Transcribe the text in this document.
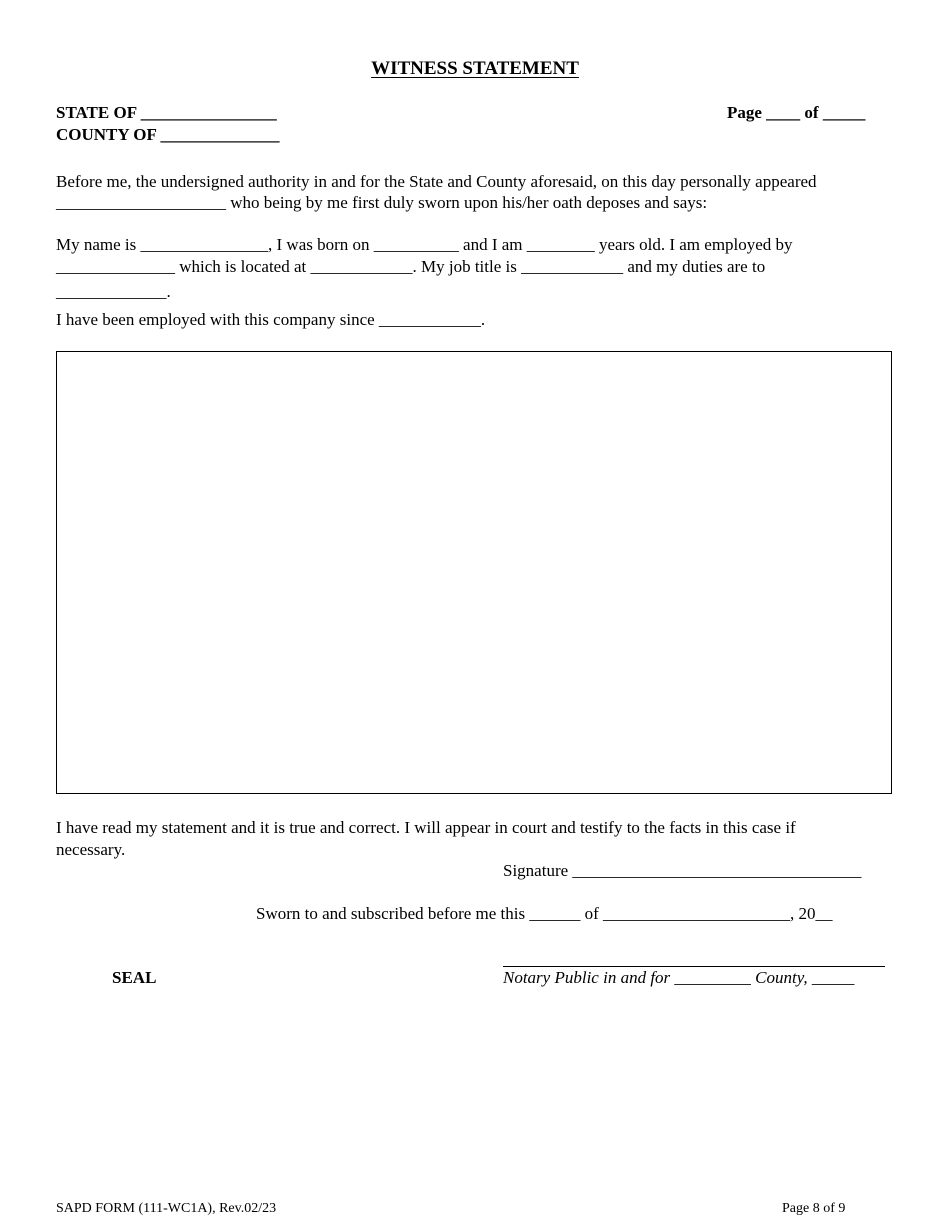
WITNESS STATEMENT
STATE OF ________________
COUNTY OF ______________
Page ____ of _____
Before me, the undersigned authority in and for the State and County aforesaid, on this day personally appeared
____________________ who being by me first duly sworn upon his/her oath deposes and says:
My name is _______________, I was born on __________ and I am ________ years old. I am employed by
______________ which is located at ____________. My job title is ____________ and my duties are to
_____________.
I have been employed with this company since ____________.
I have read my statement and it is true and correct. I will appear in court and testify to the facts in this case if
necessary.
Signature __________________________________
Sworn to and subscribed before me this ______ of ______________________, 20__
SEAL	Notary Public in and for _________ County, _____
SAPD FORM (111-WC1A), Rev.02/23	Page 8 of 9
